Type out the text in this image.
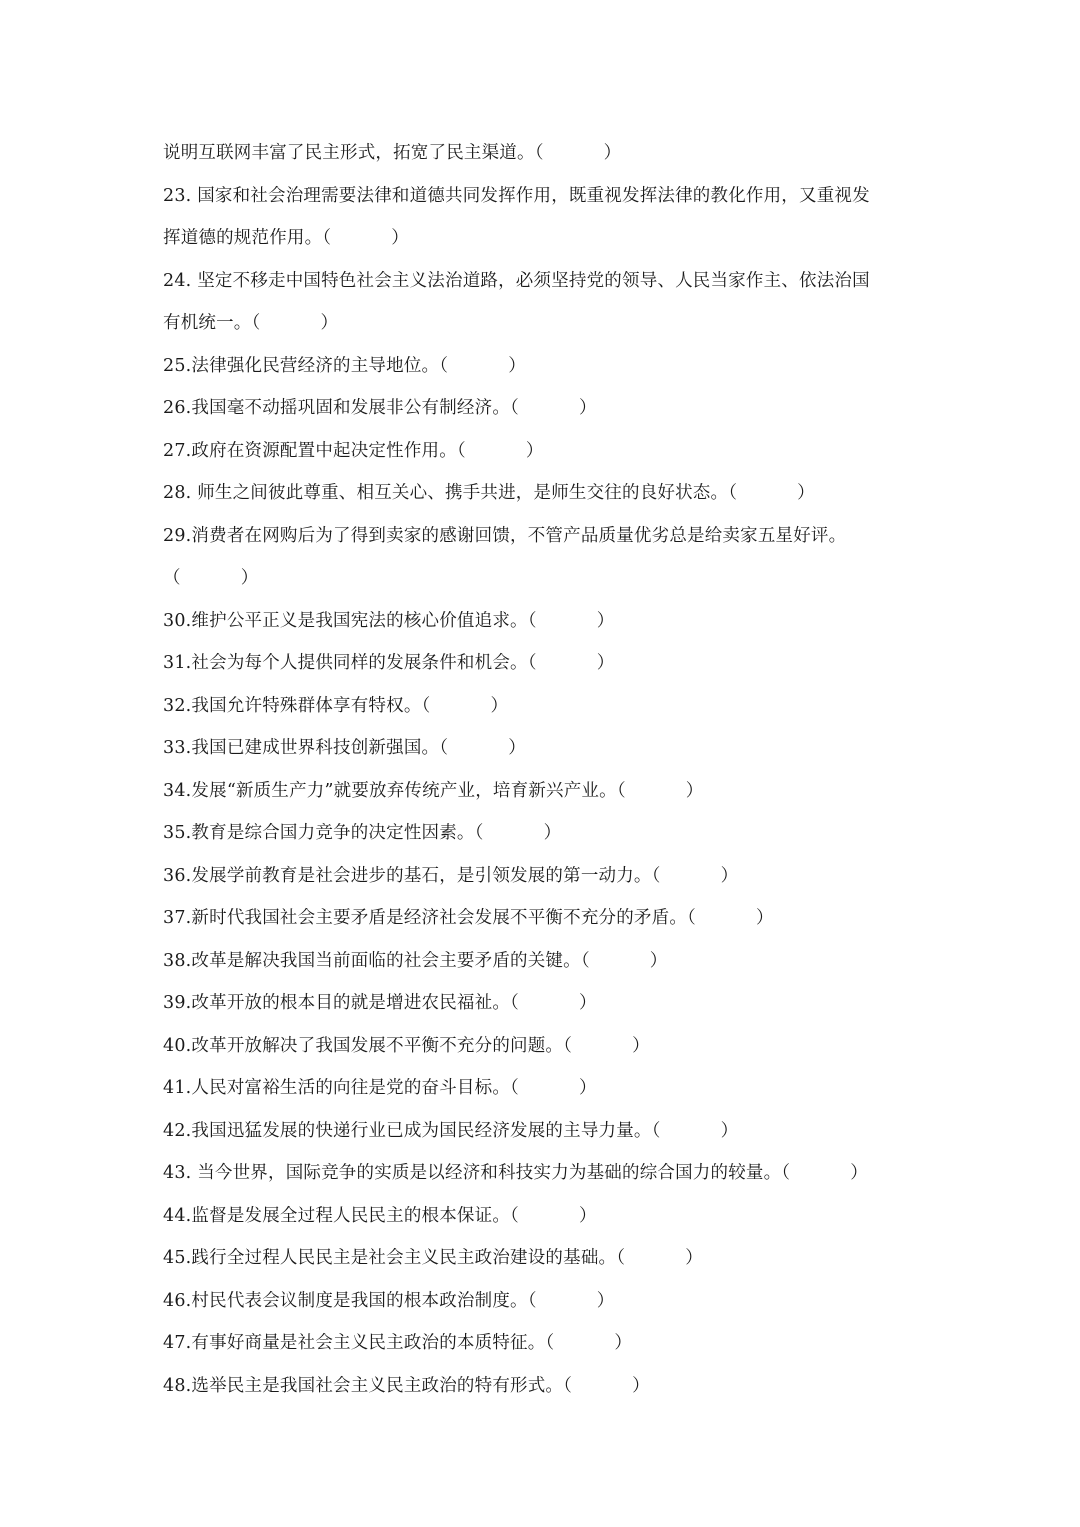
说明互联网丰富了民主形式，拓宽了民主渠道。（	）
23. 国家和社会治理需要法律和道德共同发挥作用，既重视发挥法律的教化作用，又重视发
挥道德的规范作用。（	）
24. 坚定不移走中国特色社会主义法治道路，必须坚持党的领导、人民当家作主、依法治国
有机统一。（	）
25.法律强化民营经济的主导地位。（	）
26.我国毫不动摇巩固和发展非公有制经济。（	）
27.政府在资源配置中起决定性作用。（	）
28. 师生之间彼此尊重、相互关心、携手共进，是师生交往的良好状态。（	）
29.消费者在网购后为了得到卖家的感谢回馈，不管产品质量优劣总是给卖家五星好评。
（	）
30.维护公平正义是我国宪法的核心价值追求。（	）
31.社会为每个人提供同样的发展条件和机会。（	）
32.我国允许特殊群体享有特权。（	）
33.我国已建成世界科技创新强国。（	）
34.发展“新质生产力”就要放弃传统产业，培育新兴产业。（	）
35.教育是综合国力竞争的决定性因素。（	）
36.发展学前教育是社会进步的基石，是引领发展的第一动力。（	）
37.新时代我国社会主要矛盾是经济社会发展不平衡不充分的矛盾。（	）
38.改革是解决我国当前面临的社会主要矛盾的关键。（	）
39.改革开放的根本目的就是增进农民福祉。（	）
40.改革开放解决了我国发展不平衡不充分的问题。（	）
41.人民对富裕生活的向往是党的奋斗目标。（	）
42.我国迅猛发展的快递行业已成为国民经济发展的主导力量。（	）
43. 当今世界，国际竞争的实质是以经济和科技实力为基础的综合国力的较量。（	）
44.监督是发展全过程人民民主的根本保证。（	）
45.践行全过程人民民主是社会主义民主政治建设的基础。（	）
46.村民代表会议制度是我国的根本政治制度。（	）
47.有事好商量是社会主义民主政治的本质特征。（	）
48.选举民主是我国社会主义民主政治的特有形式。（	）
